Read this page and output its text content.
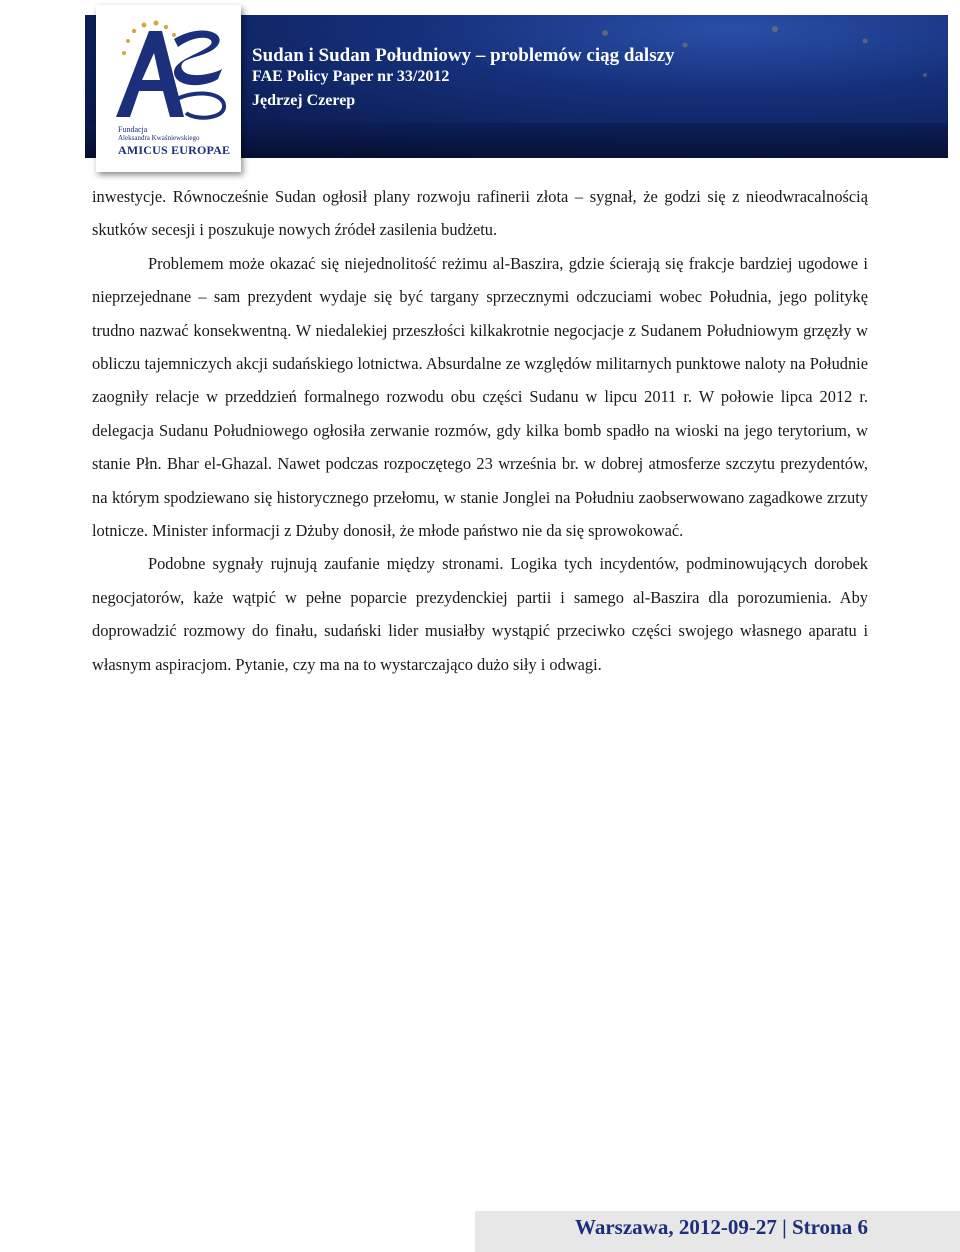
Fundacja
Aleksandra Kwaśniewskiego
AMICUS EUROPAE
Sudan i Sudan Południowy – problemów ciąg dalszy
FAE Policy Paper nr 33/2012
Jędrzej Czerep

inwestycje. Równocześnie Sudan ogłosił plany rozwoju rafinerii złota – sygnał, że godzi się z nieodwracalnością skutków secesji i poszukuje nowych źródeł zasilenia budżetu.

Problemem może okazać się niejednolitość reżimu al-Baszira, gdzie ścierają się frakcje bardziej ugodowe i nieprzejednane – sam prezydent wydaje się być targany sprzecznymi odczuciami wobec Południa, jego politykę trudno nazwać konsekwentną. W niedalekiej przeszłości kilkakrotnie negocjacje z Sudanem Południowym grzęzły w obliczu tajemniczych akcji sudańskiego lotnictwa. Absurdalne ze względów militarnych punktowe naloty na Południe zaogniły relacje w przeddzień formalnego rozwodu obu części Sudanu w lipcu 2011 r. W połowie lipca 2012 r. delegacja Sudanu Południowego ogłosiła zerwanie rozmów, gdy kilka bomb spadło na wioski na jego terytorium, w stanie Płn. Bhar el-Ghazal. Nawet podczas rozpoczętego 23 września br. w dobrej atmosferze szczytu prezydentów, na którym spodziewano się historycznego przełomu, w stanie Jonglei na Południu zaobserwowano zagadkowe zrzuty lotnicze. Minister informacji z Dżuby donosił, że młode państwo nie da się sprowokować.

Podobne sygnały rujnują zaufanie między stronami. Logika tych incydentów, podminowujących dorobek negocjatorów, każe wątpić w pełne poparcie prezydenckiej partii i samego al-Baszira dla porozumienia. Aby doprowadzić rozmowy do finału, sudański lider musiałby wystąpić przeciwko części swojego własnego aparatu i własnym aspiracjom. Pytanie, czy ma na to wystarczająco dużo siły i odwagi.

Warszawa, 2012-09-27 | Strona 6
